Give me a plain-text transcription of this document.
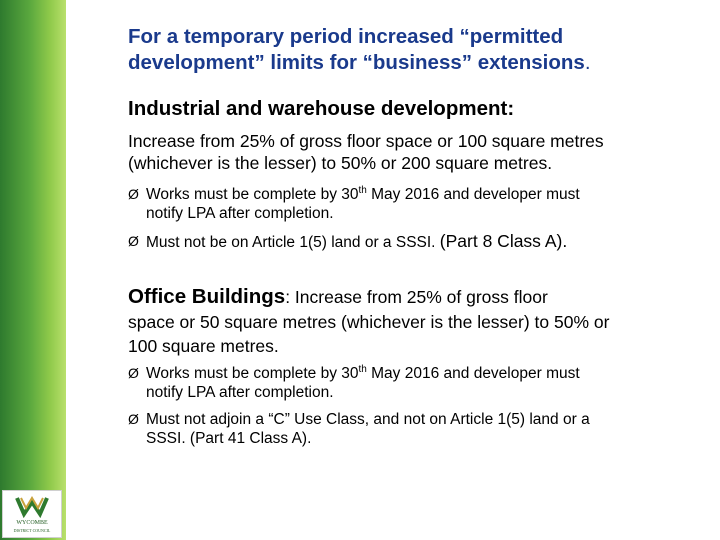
WYCOMBE
DISTRICT COUNCIL
For a temporary period increased “permitted
development” limits for “business” extensions.
Industrial and warehouse development:
Increase from 25% of gross floor space or 100 square metres
(whichever is the lesser) to 50% or 200 square metres.
Ø Works must be complete by 30th May 2016 and developer must
notify LPA after completion.
Ø Must not be on Article 1(5) land or a SSSI. (Part 8 Class A).
Office Buildings: Increase from 25% of gross floor
space or 50 square metres (whichever is the lesser) to 50% or
100 square metres.
Ø Works must be complete by 30th May 2016 and developer must
notify LPA after completion.
Ø Must not adjoin a “C” Use Class, and not on Article 1(5) land or a
SSSI. (Part 41 Class A).
